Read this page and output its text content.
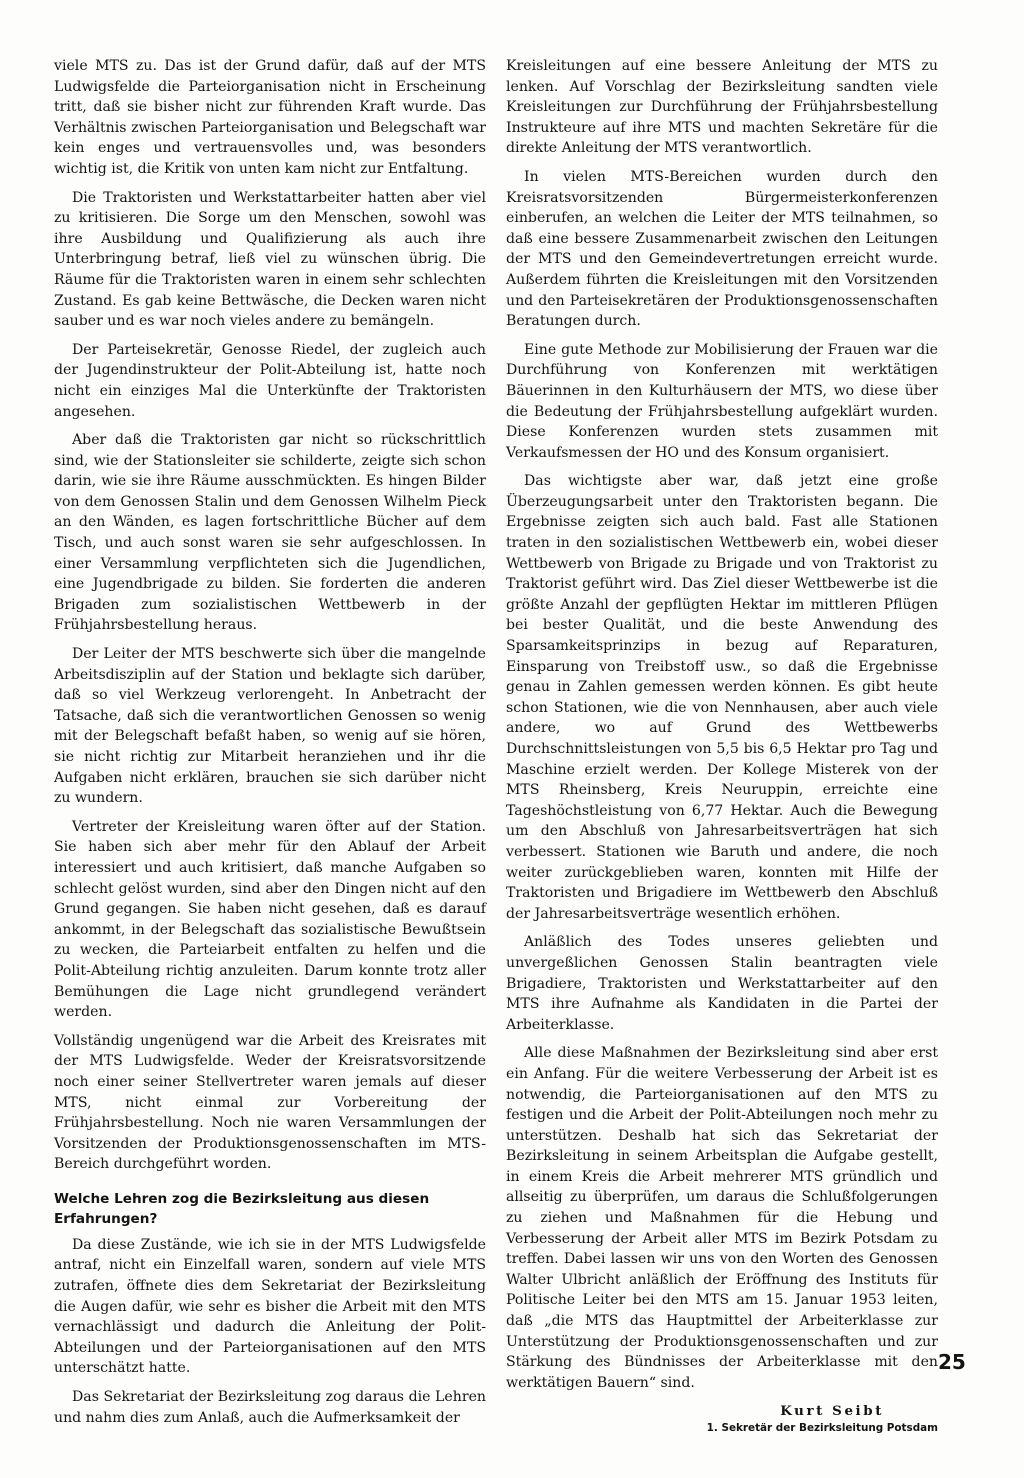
viele MTS zu. Das ist der Grund dafür, daß auf der MTS Ludwigsfelde die Parteiorganisation nicht in Erscheinung tritt, daß sie bisher nicht zur führenden Kraft wurde. Das Verhältnis zwischen Parteiorganisation und Belegschaft war kein enges und vertrauensvolles und, was besonders wichtig ist, die Kritik von unten kam nicht zur Entfaltung.

Die Traktoristen und Werkstattarbeiter hatten aber viel zu kritisieren. Die Sorge um den Menschen, sowohl was ihre Ausbildung und Qualifizierung als auch ihre Unterbringung betraf, ließ viel zu wünschen übrig. Die Räume für die Traktoristen waren in einem sehr schlechten Zustand. Es gab keine Bettwäsche, die Decken waren nicht sauber und es war noch vieles andere zu bemängeln.

Der Parteisekretär, Genosse Riedel, der zugleich auch der Jugendinstrukteur der Polit-Abteilung ist, hatte noch nicht ein einziges Mal die Unterkünfte der Traktoristen angesehen.

Aber daß die Traktoristen gar nicht so rückschrittlich sind, wie der Stationsleiter sie schilderte, zeigte sich schon darin, wie sie ihre Räume ausschmückten. Es hingen Bilder von dem Genossen Stalin und dem Genossen Wilhelm Pieck an den Wänden, es lagen fortschrittliche Bücher auf dem Tisch, und auch sonst waren sie sehr aufgeschlossen. In einer Versammlung verpflichteten sich die Jugendlichen, eine Jugendbrigade zu bilden. Sie forderten die anderen Brigaden zum sozialistischen Wettbewerb in der Frühjahrsbestellung heraus.

Der Leiter der MTS beschwerte sich über die mangelnde Arbeitsdisziplin auf der Station und beklagte sich darüber, daß so viel Werkzeug verlorengeht. In Anbetracht der Tatsache, daß sich die verantwortlichen Genossen so wenig mit der Belegschaft befaßt haben, so wenig auf sie hören, sie nicht richtig zur Mitarbeit heranziehen und ihr die Aufgaben nicht erklären, brauchen sie sich darüber nicht zu wundern.

Vertreter der Kreisleitung waren öfter auf der Station. Sie haben sich aber mehr für den Ablauf der Arbeit interessiert und auch kritisiert, daß manche Aufgaben so schlecht gelöst wurden, sind aber den Dingen nicht auf den Grund gegangen. Sie haben nicht gesehen, daß es darauf ankommt, in der Belegschaft das sozialistische Bewußtsein zu wecken, die Parteiarbeit entfalten zu helfen und die Polit-Abteilung richtig anzuleiten. Darum konnte trotz aller Bemühungen die Lage nicht grundlegend verändert werden.

Vollständig ungenügend war die Arbeit des Kreisrates mit der MTS Ludwigsfelde. Weder der Kreisratsvorsitzende noch einer seiner Stellvertreter waren jemals auf dieser MTS, nicht einmal zur Vorbereitung der Frühjahrsbestellung. Noch nie waren Versammlungen der Vorsitzenden der Produktionsgenossenschaften im MTS-Bereich durchgeführt worden.

Welche Lehren zog die Bezirksleitung aus diesen Erfahrungen?

Da diese Zustände, wie ich sie in der MTS Ludwigsfelde antraf, nicht ein Einzelfall waren, sondern auf viele MTS zutrafen, öffnete dies dem Sekretariat der Bezirksleitung die Augen dafür, wie sehr es bisher die Arbeit mit den MTS vernachlässigt und dadurch die Anleitung der Polit-Abteilungen und der Parteiorganisationen auf den MTS unterschätzt hatte.

Das Sekretariat der Bezirksleitung zog daraus die Lehren und nahm dies zum Anlaß, auch die Aufmerksamkeit der

Kreisleitungen auf eine bessere Anleitung der MTS zu lenken. Auf Vorschlag der Bezirksleitung sandten viele Kreisleitungen zur Durchführung der Frühjahrsbestellung Instrukteure auf ihre MTS und machten Sekretäre für die direkte Anleitung der MTS verantwortlich.

In vielen MTS-Bereichen wurden durch den Kreisratsvorsitzenden Bürgermeisterkonferenzen einberufen, an welchen die Leiter der MTS teilnahmen, so daß eine bessere Zusammenarbeit zwischen den Leitungen der MTS und den Gemeindevertretungen erreicht wurde. Außerdem führten die Kreisleitungen mit den Vorsitzenden und den Parteisekretären der Produktionsgenossenschaften Beratungen durch.

Eine gute Methode zur Mobilisierung der Frauen war die Durchführung von Konferenzen mit werktätigen Bäuerinnen in den Kulturhäusern der MTS, wo diese über die Bedeutung der Frühjahrsbestellung aufgeklärt wurden. Diese Konferenzen wurden stets zusammen mit Verkaufsmessen der HO und des Konsum organisiert.

Das wichtigste aber war, daß jetzt eine große Überzeugungsarbeit unter den Traktoristen begann. Die Ergebnisse zeigten sich auch bald. Fast alle Stationen traten in den sozialistischen Wettbewerb ein, wobei dieser Wettbewerb von Brigade zu Brigade und von Traktorist zu Traktorist geführt wird. Das Ziel dieser Wettbewerbe ist die größte Anzahl der gepflügten Hektar im mittleren Pflügen bei bester Qualität, und die beste Anwendung des Sparsamkeitsprinzips in bezug auf Reparaturen, Einsparung von Treibstoff usw., so daß die Ergebnisse genau in Zahlen gemessen werden können. Es gibt heute schon Stationen, wie die von Nennhausen, aber auch viele andere, wo auf Grund des Wettbewerbs Durchschnittsleistungen von 5,5 bis 6,5 Hektar pro Tag und Maschine erzielt werden. Der Kollege Misterek von der MTS Rheinsberg, Kreis Neuruppin, erreichte eine Tageshöchstleistung von 6,77 Hektar. Auch die Bewegung um den Abschluß von Jahresarbeitsverträgen hat sich verbessert. Stationen wie Baruth und andere, die noch weiter zurückgeblieben waren, konnten mit Hilfe der Traktoristen und Brigadiere im Wettbewerb den Abschluß der Jahresarbeitsverträge wesentlich erhöhen.

Anläßlich des Todes unseres geliebten und unvergeßlichen Genossen Stalin beantragten viele Brigadiere, Traktoristen und Werkstattarbeiter auf den MTS ihre Aufnahme als Kandidaten in die Partei der Arbeiterklasse.

Alle diese Maßnahmen der Bezirksleitung sind aber erst ein Anfang. Für die weitere Verbesserung der Arbeit ist es notwendig, die Parteiorganisationen auf den MTS zu festigen und die Arbeit der Polit-Abteilungen noch mehr zu unterstützen. Deshalb hat sich das Sekretariat der Bezirksleitung in seinem Arbeitsplan die Aufgabe gestellt, in einem Kreis die Arbeit mehrerer MTS gründlich und allseitig zu überprüfen, um daraus die Schlußfolgerungen zu ziehen und Maßnahmen für die Hebung und Verbesserung der Arbeit aller MTS im Bezirk Potsdam zu treffen. Dabei lassen wir uns von den Worten des Genossen Walter Ulbricht anläßlich der Eröffnung des Instituts für Politische Leiter bei den MTS am 15. Januar 1953 leiten, daß „die MTS das Hauptmittel der Arbeiterklasse zur Unterstützung der Produktionsgenossenschaften und zur Stärkung des Bündnisses der Arbeiterklasse mit den werktätigen Bauern“ sind.

Kurt Seibt
1. Sekretär der Bezirksleitung Potsdam
25
